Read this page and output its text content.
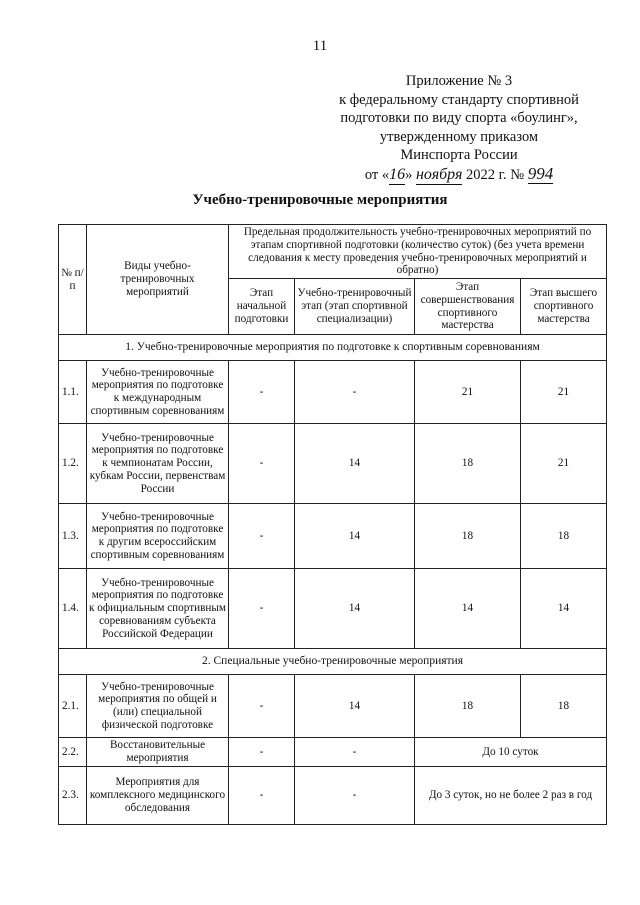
11
Приложение № 3
к федеральному стандарту спортивной
подготовки по виду спорта «боулинг»,
утвержденному приказом
Минспорта России
от «16» ноября 2022 г. № 994
Учебно-тренировочные мероприятия
№ п/п	Виды учебно-тренировочных мероприятий	Предельная продолжительность учебно-тренировочных мероприятий по этапам спортивной подготовки (количество суток) (без учета времени следования к месту проведения учебно-тренировочных мероприятий и обратно)			
		Этап начальной подготовки	Учебно-тренировочный этап (этап спортивной специализации)	Этап совершенствования спортивного мастерства	Этап высшего спортивного мастерства
1. Учебно-тренировочные мероприятия по подготовке к спортивным соревнованиям					
1.1.	Учебно-тренировочные мероприятия по подготовке к международным спортивным соревнованиям	-	-	21	21
1.2.	Учебно-тренировочные мероприятия по подготовке к чемпионатам России, кубкам России, первенствам России	-	14	18	21
1.3.	Учебно-тренировочные мероприятия по подготовке к другим всероссийским спортивным соревнованиям	-	14	18	18
1.4.	Учебно-тренировочные мероприятия по подготовке к официальным спортивным соревнованиям субъекта Российской Федерации	-	14	14	14
2. Специальные учебно-тренировочные мероприятия					
2.1.	Учебно-тренировочные мероприятия по общей и (или) специальной физической подготовке	-	14	18	18
2.2.	Восстановительные мероприятия	-	-	До 10 суток	
2.3.	Мероприятия для комплексного медицинского обследования	-	-	До 3 суток, но не более 2 раз в год	
